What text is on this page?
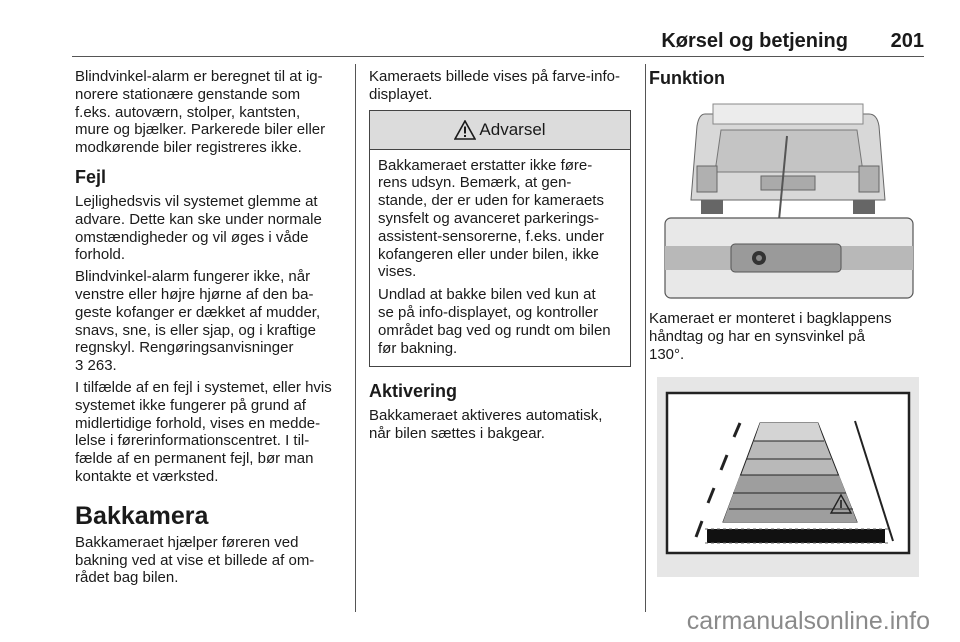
Kørsel og betjening 201

Blindvinkel-alarm er beregnet til at ig-
norere stationære genstande som
f.eks. autoværn, stolper, kantsten,
mure og bjælker. Parkerede biler eller
modkørende biler registreres ikke.

Fejl

Lejlighedsvis vil systemet glemme at
advare. Dette kan ske under normale
omstændigheder og vil øges i våde
forhold.

Blindvinkel-alarm fungerer ikke, når
venstre eller højre hjørne af den ba-
geste kofanger er dækket af mudder,
snavs, sne, is eller sjap, og i kraftige
regnskyl. Rengøringsanvisninger
3 263.

I tilfælde af en fejl i systemet, eller hvis
systemet ikke fungerer på grund af
midlertidige forhold, vises en medde-
lelse i førerinformationscentret. I til-
fælde af en permanent fejl, bør man
kontakte et værksted.

Bakkamera

Bakkameraet hjælper føreren ved
bakning ved at vise et billede af om-
rådet bag bilen.

Kameraets billede vises på farve-info-
displayet.

Advarsel

Bakkameraet erstatter ikke føre-
rens udsyn. Bemærk, at gen-
stande, der er uden for kameraets
synsfelt og avanceret parkerings-
assistent-sensorerne, f.eks. under
kofangeren eller under bilen, ikke
vises.

Undlad at bakke bilen ved kun at
se på info-displayet, og kontroller
området bag ved og rundt om bilen
før bakning.

Aktivering

Bakkameraet aktiveres automatisk,
når bilen sættes i bakgear.

Funktion

Kameraet er monteret i bagklappens
håndtag og har en synsvinkel på
130°.

carmanualsonline.info
